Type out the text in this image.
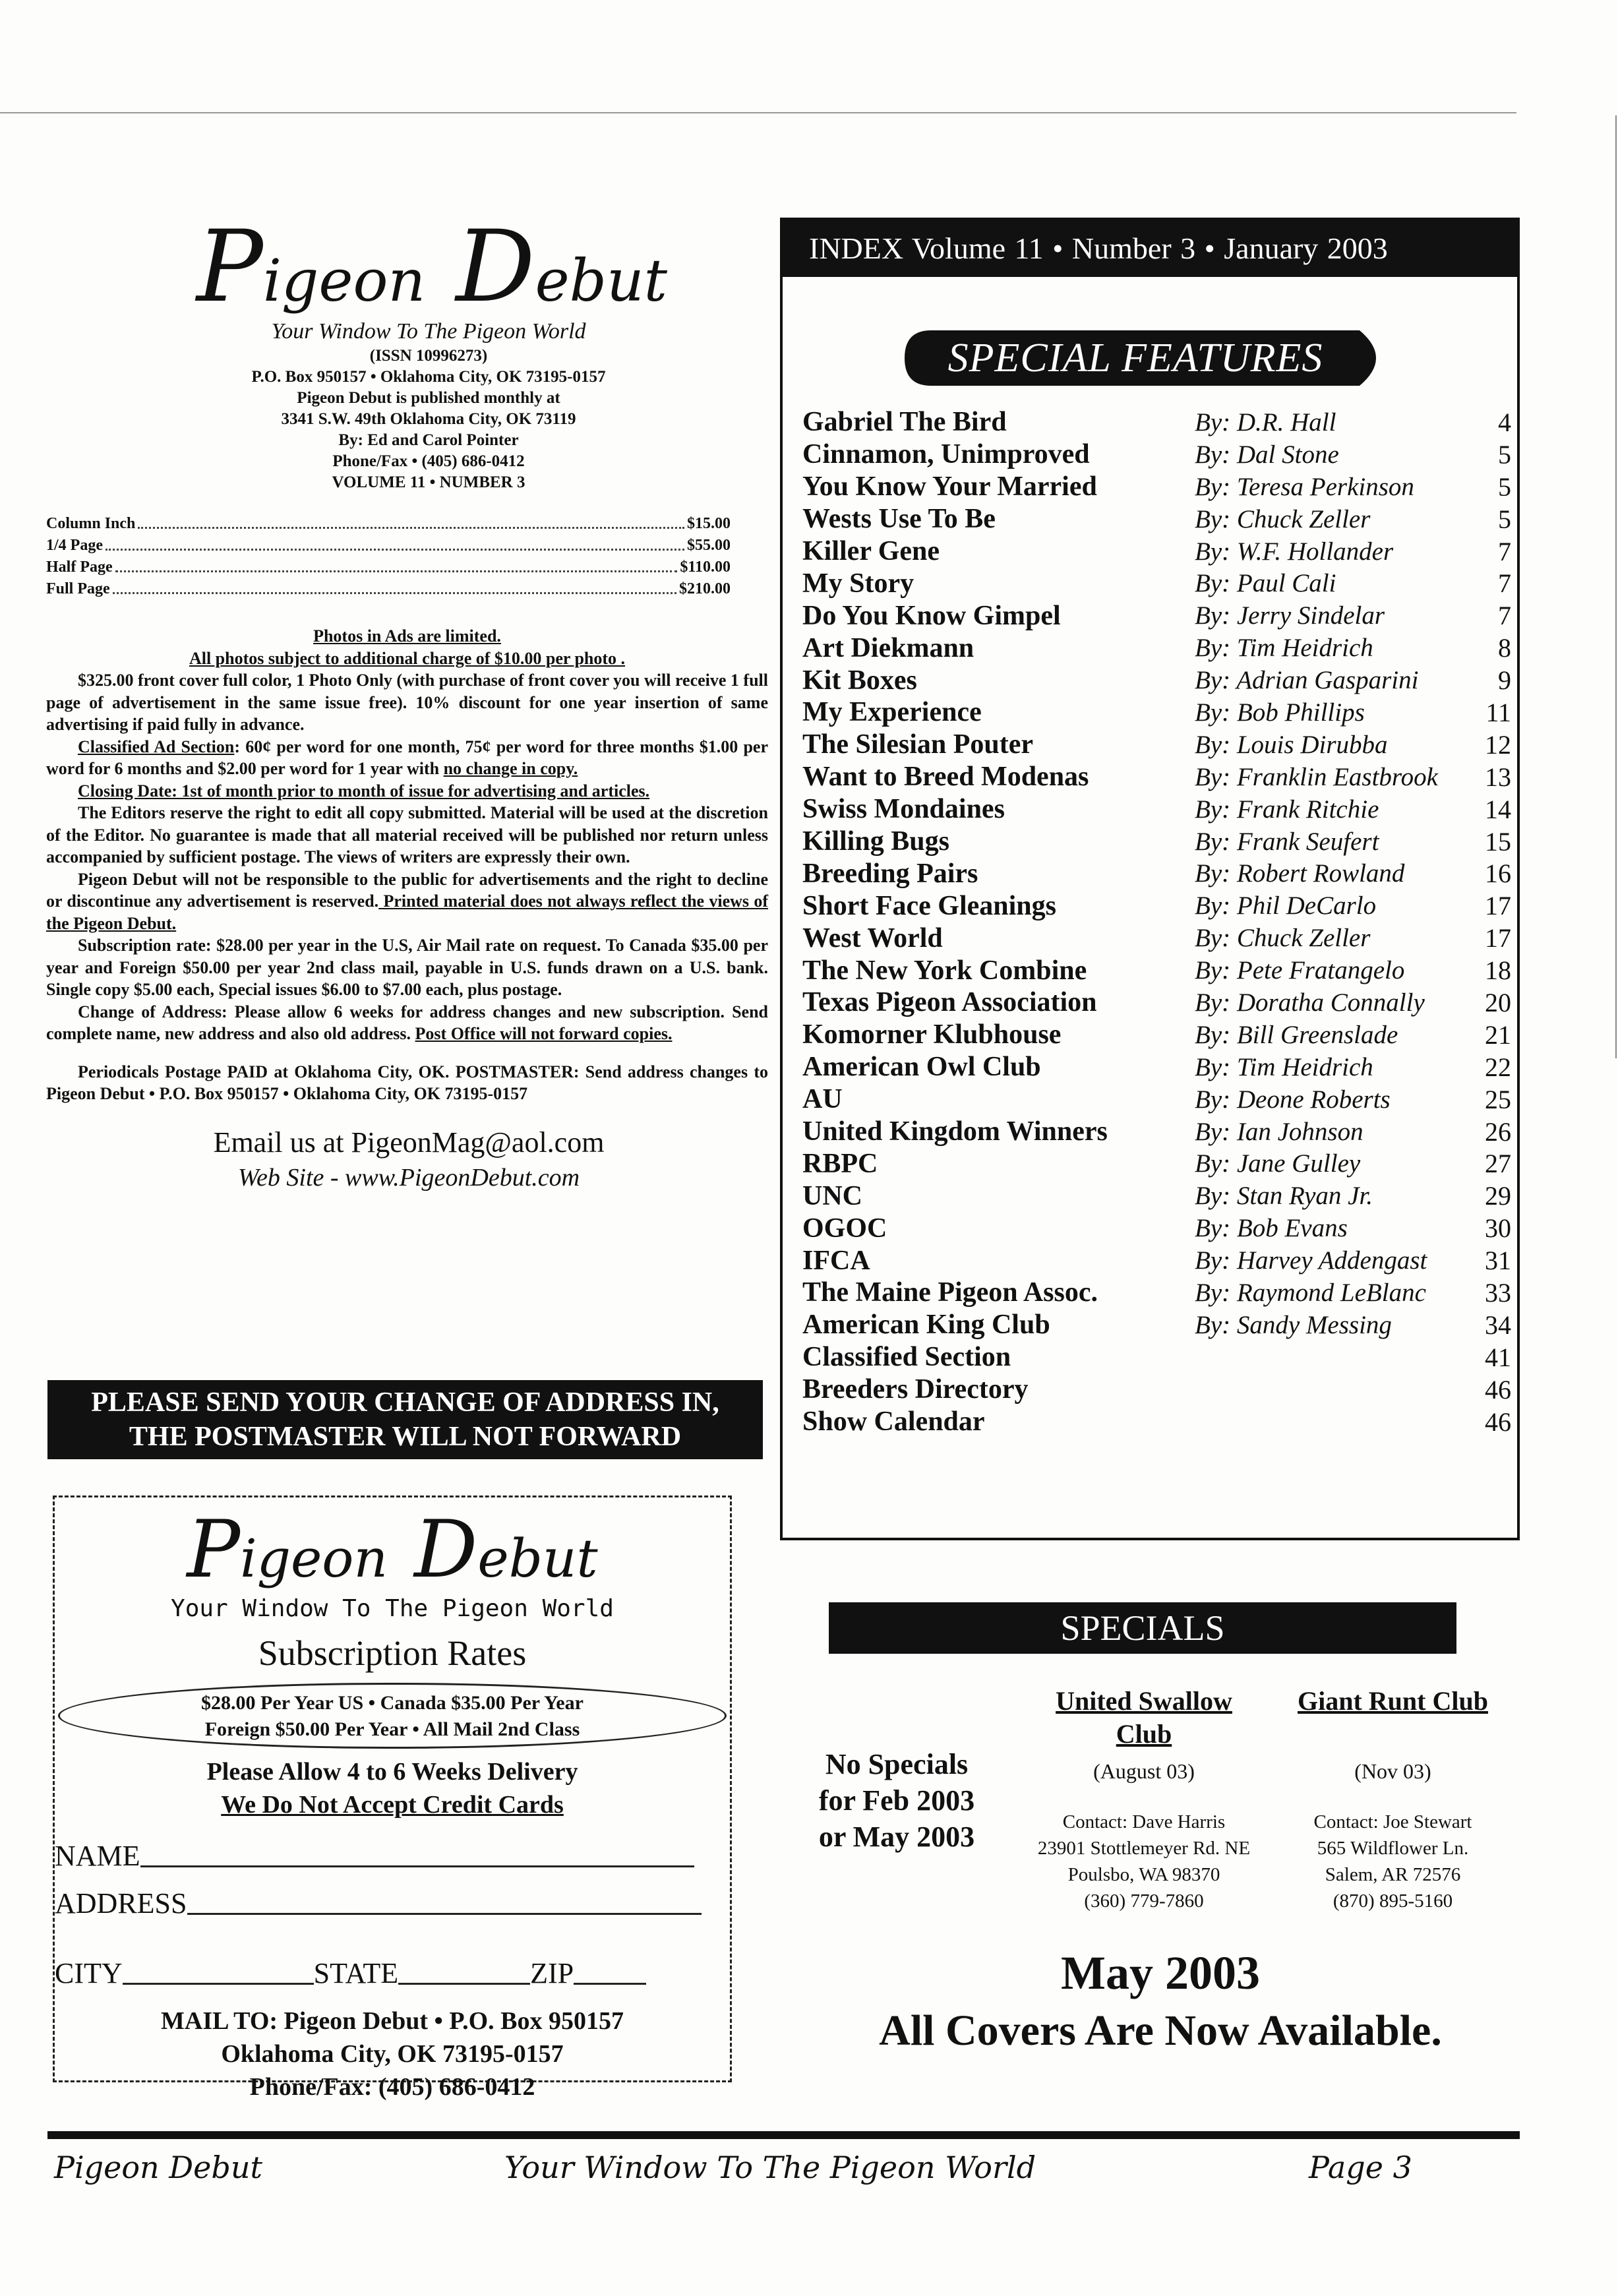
Pigeon Debut
Your Window To The Pigeon World
(ISSN 10996273)
P.O. Box 950157 • Oklahoma City, OK 73195-0157
Pigeon Debut is published monthly at
3341 S.W. 49th Oklahoma City, OK 73119
By: Ed and Carol Pointer
Phone/Fax • (405) 686-0412
VOLUME 11 • NUMBER 3
Column Inch	$15.00
1/4 Page	$55.00
Half Page	$110.00
Full Page	$210.00

Photos in Ads are limited.

All photos subject to additional charge of $10.00 per photo .

$325.00 front cover full color, 1 Photo Only (with purchase of front cover you will receive 1 full page of advertisement in the same issue free). 10% discount for one year insertion of same advertising if paid fully in advance.

Classified Ad Section: 60¢ per word for one month, 75¢ per word for three months $1.00 per word for 6 months and $2.00 per word for 1 year with no change in copy.

Closing Date: 1st of month prior to month of issue for advertising and articles.

The Editors reserve the right to edit all copy submitted. Material will be used at the discretion of the Editor. No guarantee is made that all material received will be published nor return unless accompanied by sufficient postage. The views of writers are expressly their own.

Pigeon Debut will not be responsible to the public for advertisements and the right to decline or discontinue any advertisement is reserved. Printed material does not always reflect the views of the Pigeon Debut.

Subscription rate: $28.00 per year in the U.S, Air Mail rate on request. To Canada $35.00 per year and Foreign $50.00 per year 2nd class mail, payable in U.S. funds drawn on a U.S. bank. Single copy $5.00 each, Special issues $6.00 to $7.00 each, plus postage.

Change of Address: Please allow 6 weeks for address changes and new subscription. Send complete name, new address and also old address. Post Office will not forward copies.

Periodicals Postage PAID at Oklahoma City, OK. POSTMASTER: Send address changes to Pigeon Debut • P.O. Box 950157 • Oklahoma City, OK 73195-0157

Email us at PigeonMag@aol.com
Web Site - www.PigeonDebut.com
PLEASE SEND YOUR CHANGE OF ADDRESS IN,
THE POSTMASTER WILL NOT FORWARD
Pigeon Debut
Your Window To The Pigeon World
Subscription Rates
$28.00 Per Year US • Canada $35.00 Per Year
Foreign $50.00 Per Year • All Mail 2nd Class
Please Allow 4 to 6 Weeks Delivery
We Do Not Accept Credit Cards
NAME
ADDRESS
CITY	STATE	ZIP
MAIL TO: Pigeon Debut • P.O. Box 950157
Oklahoma City, OK 73195-0157
Phone/Fax: (405) 686-0412
INDEX Volume 11 • Number 3 • January 2003
SPECIAL FEATURES
Gabriel The Bird	By: D.R. Hall	4
Cinnamon, Unimproved	By: Dal Stone	5
You Know Your Married	By: Teresa Perkinson	5
Wests Use To Be	By: Chuck Zeller	5
Killer Gene	By: W.F. Hollander	7
My Story	By: Paul Cali	7
Do You Know Gimpel	By: Jerry Sindelar	7
Art Diekmann	By: Tim Heidrich	8
Kit Boxes	By: Adrian Gasparini	9
My Experience	By: Bob Phillips	11
The Silesian Pouter	By: Louis Dirubba	12
Want to Breed Modenas	By: Franklin Eastbrook	13
Swiss Mondaines	By: Frank Ritchie	14
Killing Bugs	By: Frank Seufert	15
Breeding Pairs	By: Robert Rowland	16
Short Face Gleanings	By: Phil DeCarlo	17
West World	By: Chuck Zeller	17
The New York Combine	By: Pete Fratangelo	18
Texas Pigeon Association	By: Doratha Connally	20
Komorner Klubhouse	By: Bill Greenslade	21
American Owl Club	By: Tim Heidrich	22
AU	By: Deone Roberts	25
United Kingdom Winners	By: Ian Johnson	26
RBPC	By: Jane Gulley	27
UNC	By: Stan Ryan Jr.	29
OGOC	By: Bob Evans	30
IFCA	By: Harvey Addengast	31
The Maine Pigeon Assoc.	By: Raymond LeBlanc	33
American King Club	By: Sandy Messing	34
Classified Section	41
Breeders Directory	46
Show Calendar	46
SPECIALS
No Specials
for Feb 2003
or May 2003
United Swallow Club
(August 03)
Contact: Dave Harris
23901 Stottlemeyer Rd. NE
Poulsbo, WA 98370
(360) 779-7860
Giant Runt Club
(Nov 03)
Contact: Joe Stewart
565 Wildflower Ln.
Salem, AR 72576
(870) 895-5160
May 2003
All Covers Are Now Available.
Pigeon Debut	Your Window To The Pigeon World	Page 3
